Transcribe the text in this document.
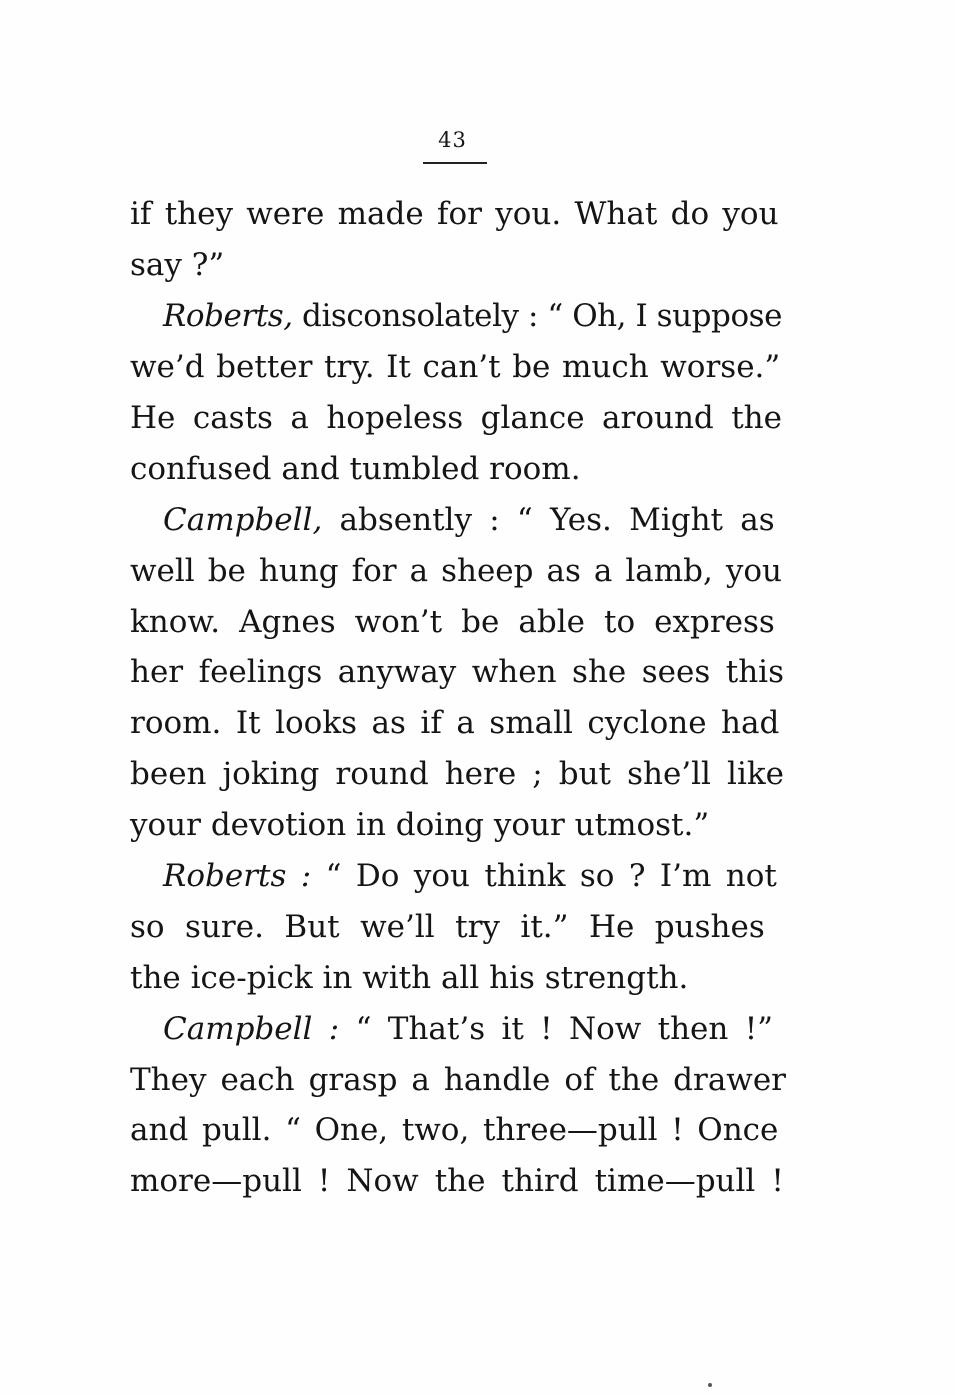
43
if they were made for you. What do you
say ?”
Roberts, disconsolately : “ Oh, I suppose
we’d better try. It can’t be much worse.”
He casts a hopeless glance around the
confused and tumbled room.
Campbell, absently : “ Yes. Might as
well be hung for a sheep as a lamb, you
know. Agnes won’t be able to express
her feelings anyway when she sees this
room. It looks as if a small cyclone had
been joking round here ; but she’ll like
your devotion in doing your utmost.”
Roberts : “ Do you think so ? I’m not
so sure. But we’ll try it.” He pushes
the ice-pick in with all his strength.
Campbell : “ That’s it ! Now then !”
They each grasp a handle of the drawer
and pull. “ One, two, three—pull ! Once
more—pull ! Now the third time—pull !
